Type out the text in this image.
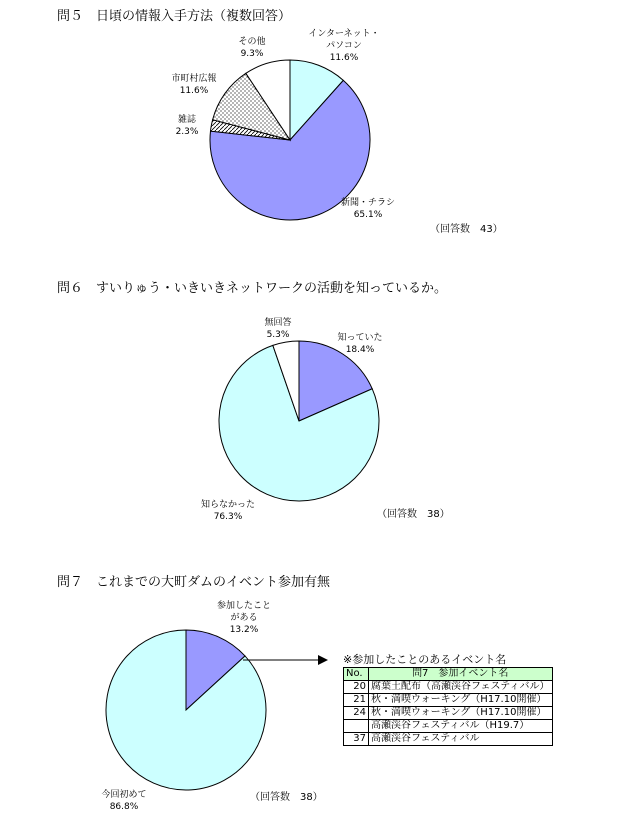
問５　日頃の情報入手方法（複数回答）
インターネット・
パソコン
11.6%
新聞・チラシ
65.1%
雑誌
2.3%
市町村広報
11.6%
その他
9.3%
（回答数　43）
問６　すいりゅう・いきいきネットワークの活動を知っているか。
知っていた
18.4%
知らなかった
76.3%
無回答
5.3%
（回答数　38）
問７　これまでの大町ダムのイベント参加有無
参加したこと
がある
13.2%
今回初めて
86.8%
（回答数　38）
※参加したことのあるイベント名
No.	問7　参加イベント名
20	腐葉土配布（高瀬渓谷フェスティバル）
21	秋・満喫ウォーキング（H17.10開催）
24	秋・満喫ウォーキング（H17.10開催）
	高瀬渓谷フェスティバル（H19.7）
37	高瀬渓谷フェスティバル
